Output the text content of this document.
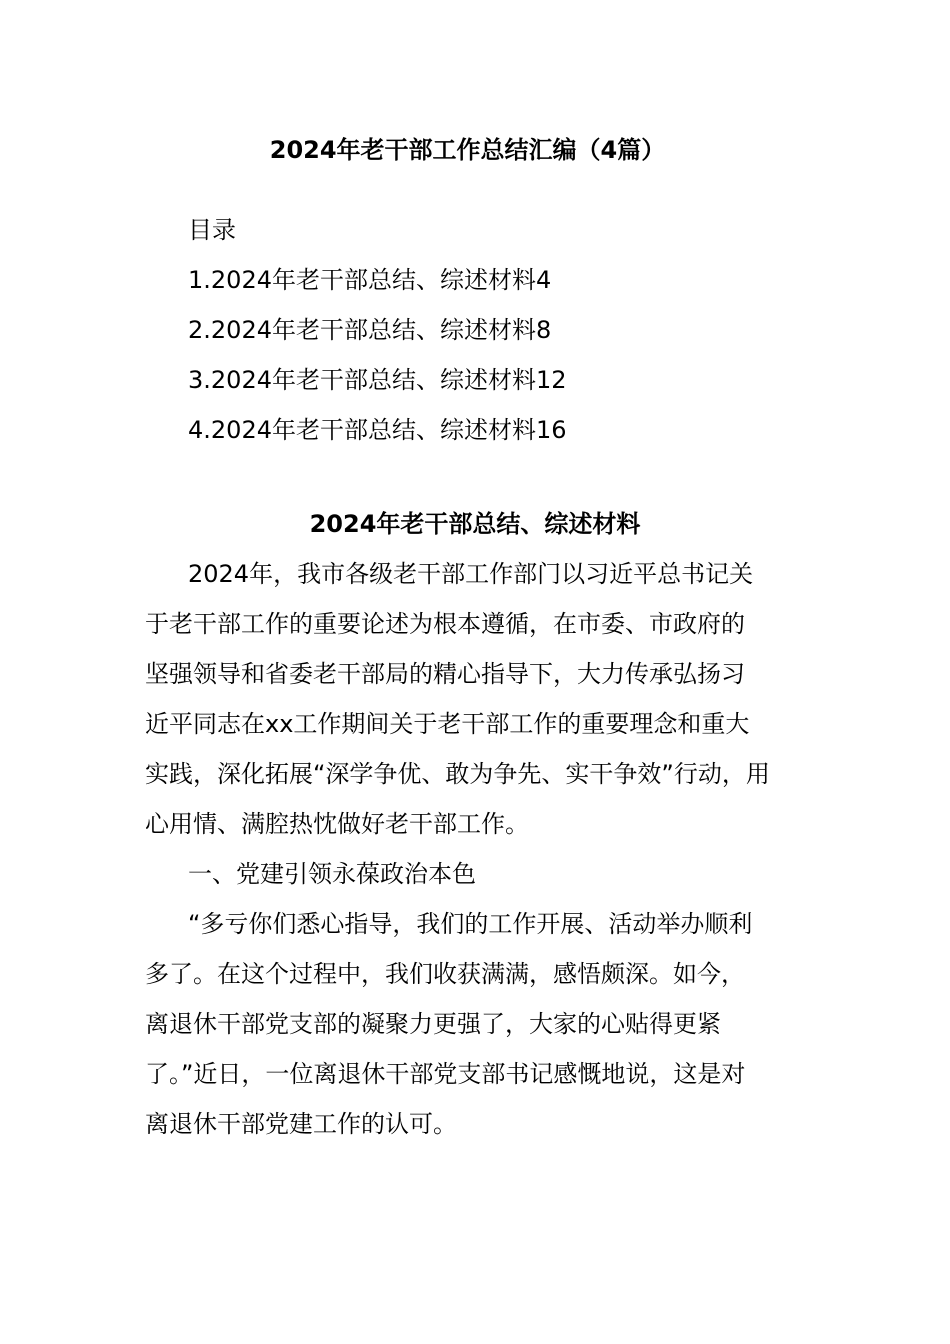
2024年老干部工作总结汇编（4篇）
目录
1.2024年老干部总结、综述材料4
2.2024年老干部总结、综述材料8
3.2024年老干部总结、综述材料12
4.2024年老干部总结、综述材料16
2024年老干部总结、综述材料
2024年，我市各级老干部工作部门以习近平总书记关
于老干部工作的重要论述为根本遵循，在市委、市政府的
坚强领导和省委老干部局的精心指导下，大力传承弘扬习
近平同志在xx工作期间关于老干部工作的重要理念和重大
实践，深化拓展“深学争优、敢为争先、实干争效”行动，用
心用情、满腔热忱做好老干部工作。
一、党建引领永葆政治本色
“多亏你们悉心指导，我们的工作开展、活动举办顺利
多了。在这个过程中，我们收获满满，感悟颇深。如今，
离退休干部党支部的凝聚力更强了，大家的心贴得更紧
了。”近日，一位离退休干部党支部书记感慨地说，这是对
离退休干部党建工作的认可。
